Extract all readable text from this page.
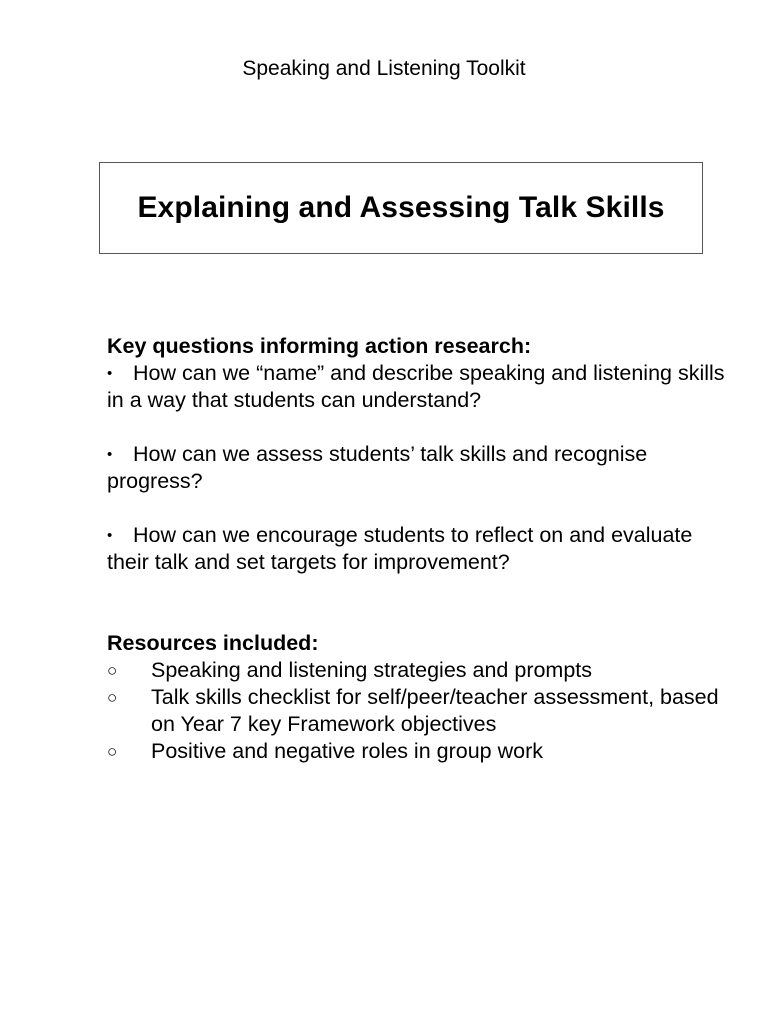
Speaking and Listening Toolkit
Explaining and Assessing Talk Skills

Key questions informing action research:

• How can we “name” and describe speaking and listening skills in a way that students can understand?

• How can we assess students’ talk skills and recognise progress?

• How can we encourage students to reflect on and evaluate their talk and set targets for improvement?

Resources included:

○	Speaking and listening strategies and prompts
○	Talk skills checklist for self/peer/teacher assessment, based on Year 7 key Framework objectives
○	Positive and negative roles in group work
